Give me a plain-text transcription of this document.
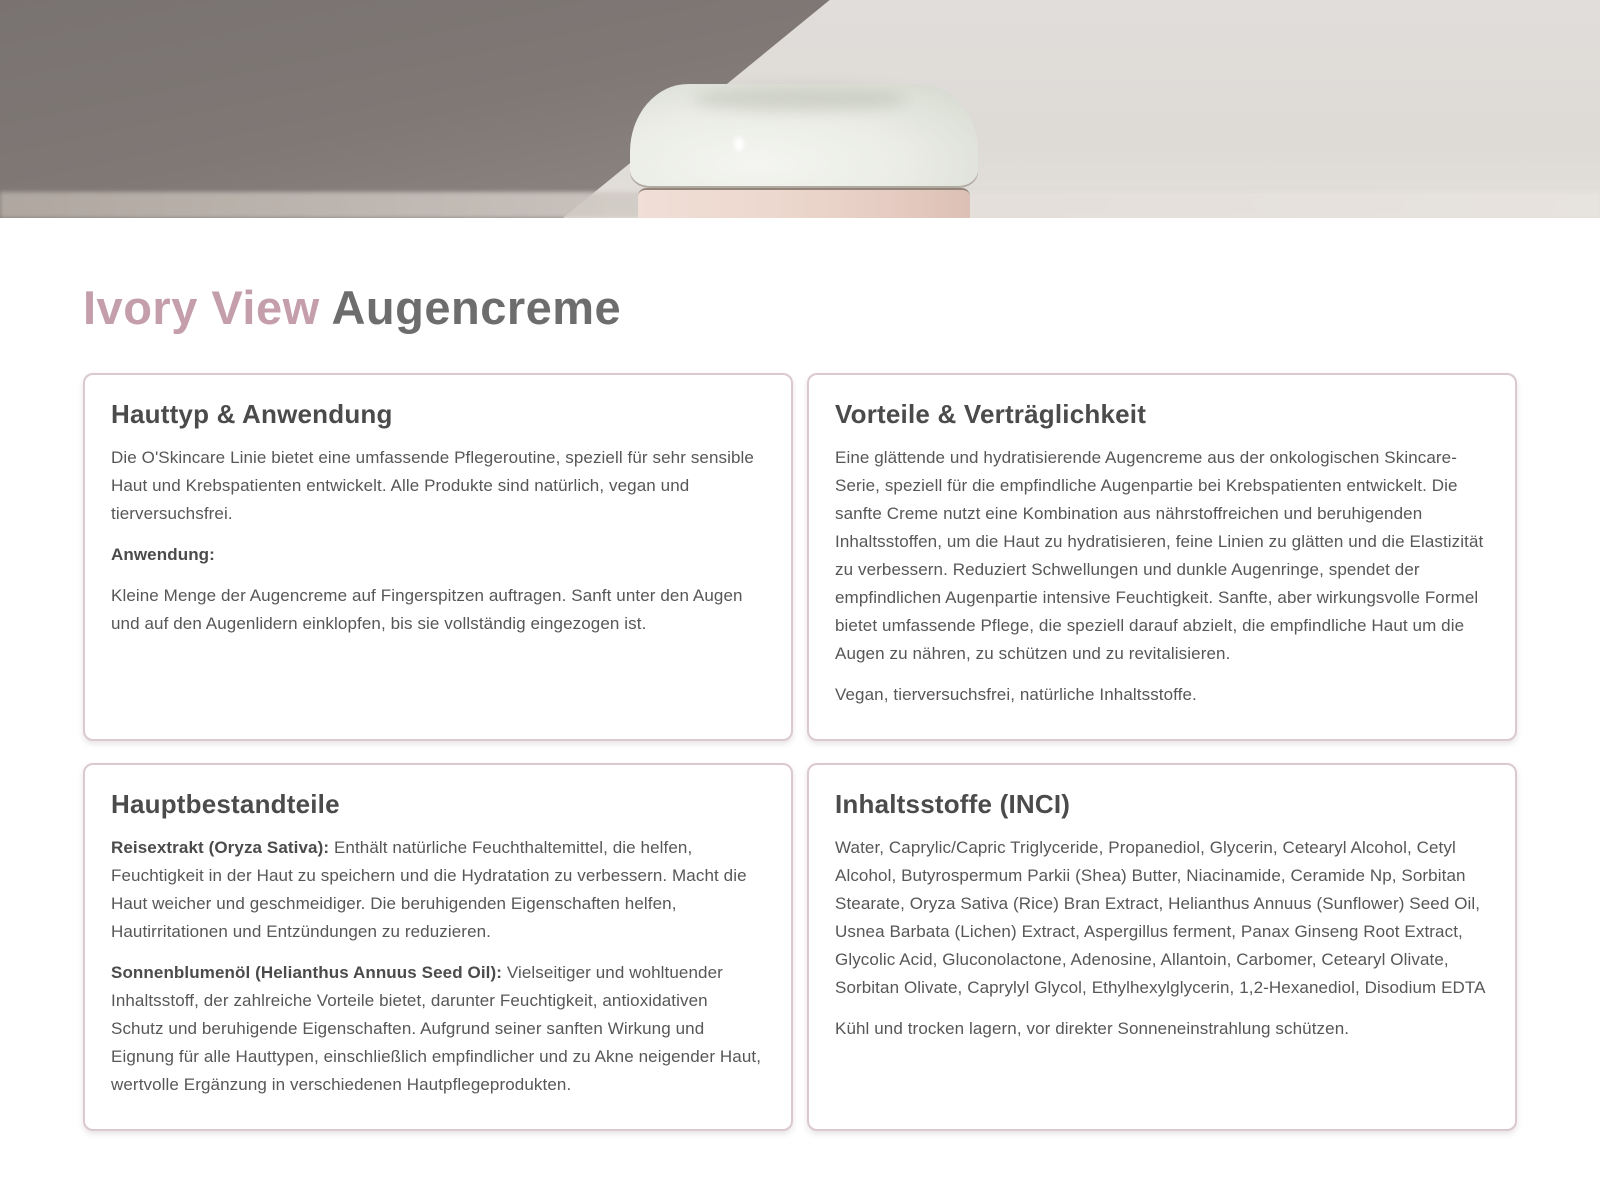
Ivory View Augencreme
Hauttyp & Anwendung

Die O'Skincare Linie bietet eine umfassende Pflegeroutine, speziell für sehr sensible Haut und Krebspatienten entwickelt. Alle Produkte sind natürlich, vegan und tierversuchsfrei.

Anwendung:

Kleine Menge der Augencreme auf Fingerspitzen auftragen. Sanft unter den Augen und auf den Augenlidern einklopfen, bis sie vollständig eingezogen ist.

Vorteile & Verträglichkeit

Eine glättende und hydratisierende Augencreme aus der onkologischen Skincare-Serie, speziell für die empfindliche Augenpartie bei Krebspatienten entwickelt. Die sanfte Creme nutzt eine Kombination aus nährstoffreichen und beruhigenden Inhaltsstoffen, um die Haut zu hydratisieren, feine Linien zu glätten und die Elastizität zu verbessern. Reduziert Schwellungen und dunkle Augenringe, spendet der empfindlichen Augenpartie intensive Feuchtigkeit. Sanfte, aber wirkungsvolle Formel bietet umfassende Pflege, die speziell darauf abzielt, die empfindliche Haut um die Augen zu nähren, zu schützen und zu revitalisieren.

Vegan, tierversuchsfrei, natürliche Inhaltsstoffe.

Hauptbestandteile

Reisextrakt (Oryza Sativa): Enthält natürliche Feuchthaltemittel, die helfen, Feuchtigkeit in der Haut zu speichern und die Hydratation zu verbessern. Macht die Haut weicher und geschmeidiger. Die beruhigenden Eigenschaften helfen, Hautirritationen und Entzündungen zu reduzieren.

Sonnenblumenöl (Helianthus Annuus Seed Oil): Vielseitiger und wohltuender Inhaltsstoff, der zahlreiche Vorteile bietet, darunter Feuchtigkeit, antioxidativen Schutz und beruhigende Eigenschaften. Aufgrund seiner sanften Wirkung und Eignung für alle Hauttypen, einschließlich empfindlicher und zu Akne neigender Haut, wertvolle Ergänzung in verschiedenen Hautpflegeprodukten.

Inhaltsstoffe (INCI)

Water, Caprylic/Capric Triglyceride, Propanediol, Glycerin, Cetearyl Alcohol, Cetyl Alcohol, Butyrospermum Parkii (Shea) Butter, Niacinamide, Ceramide Np, Sorbitan Stearate, Oryza Sativa (Rice) Bran Extract, Helianthus Annuus (Sunflower) Seed Oil, Usnea Barbata (Lichen) Extract, Aspergillus ferment, Panax Ginseng Root Extract, Glycolic Acid, Gluconolactone, Adenosine, Allantoin, Carbomer, Cetearyl Olivate, Sorbitan Olivate, Caprylyl Glycol, Ethylhexylglycerin, 1,2-Hexanediol, Disodium EDTA

Kühl und trocken lagern, vor direkter Sonneneinstrahlung schützen.
